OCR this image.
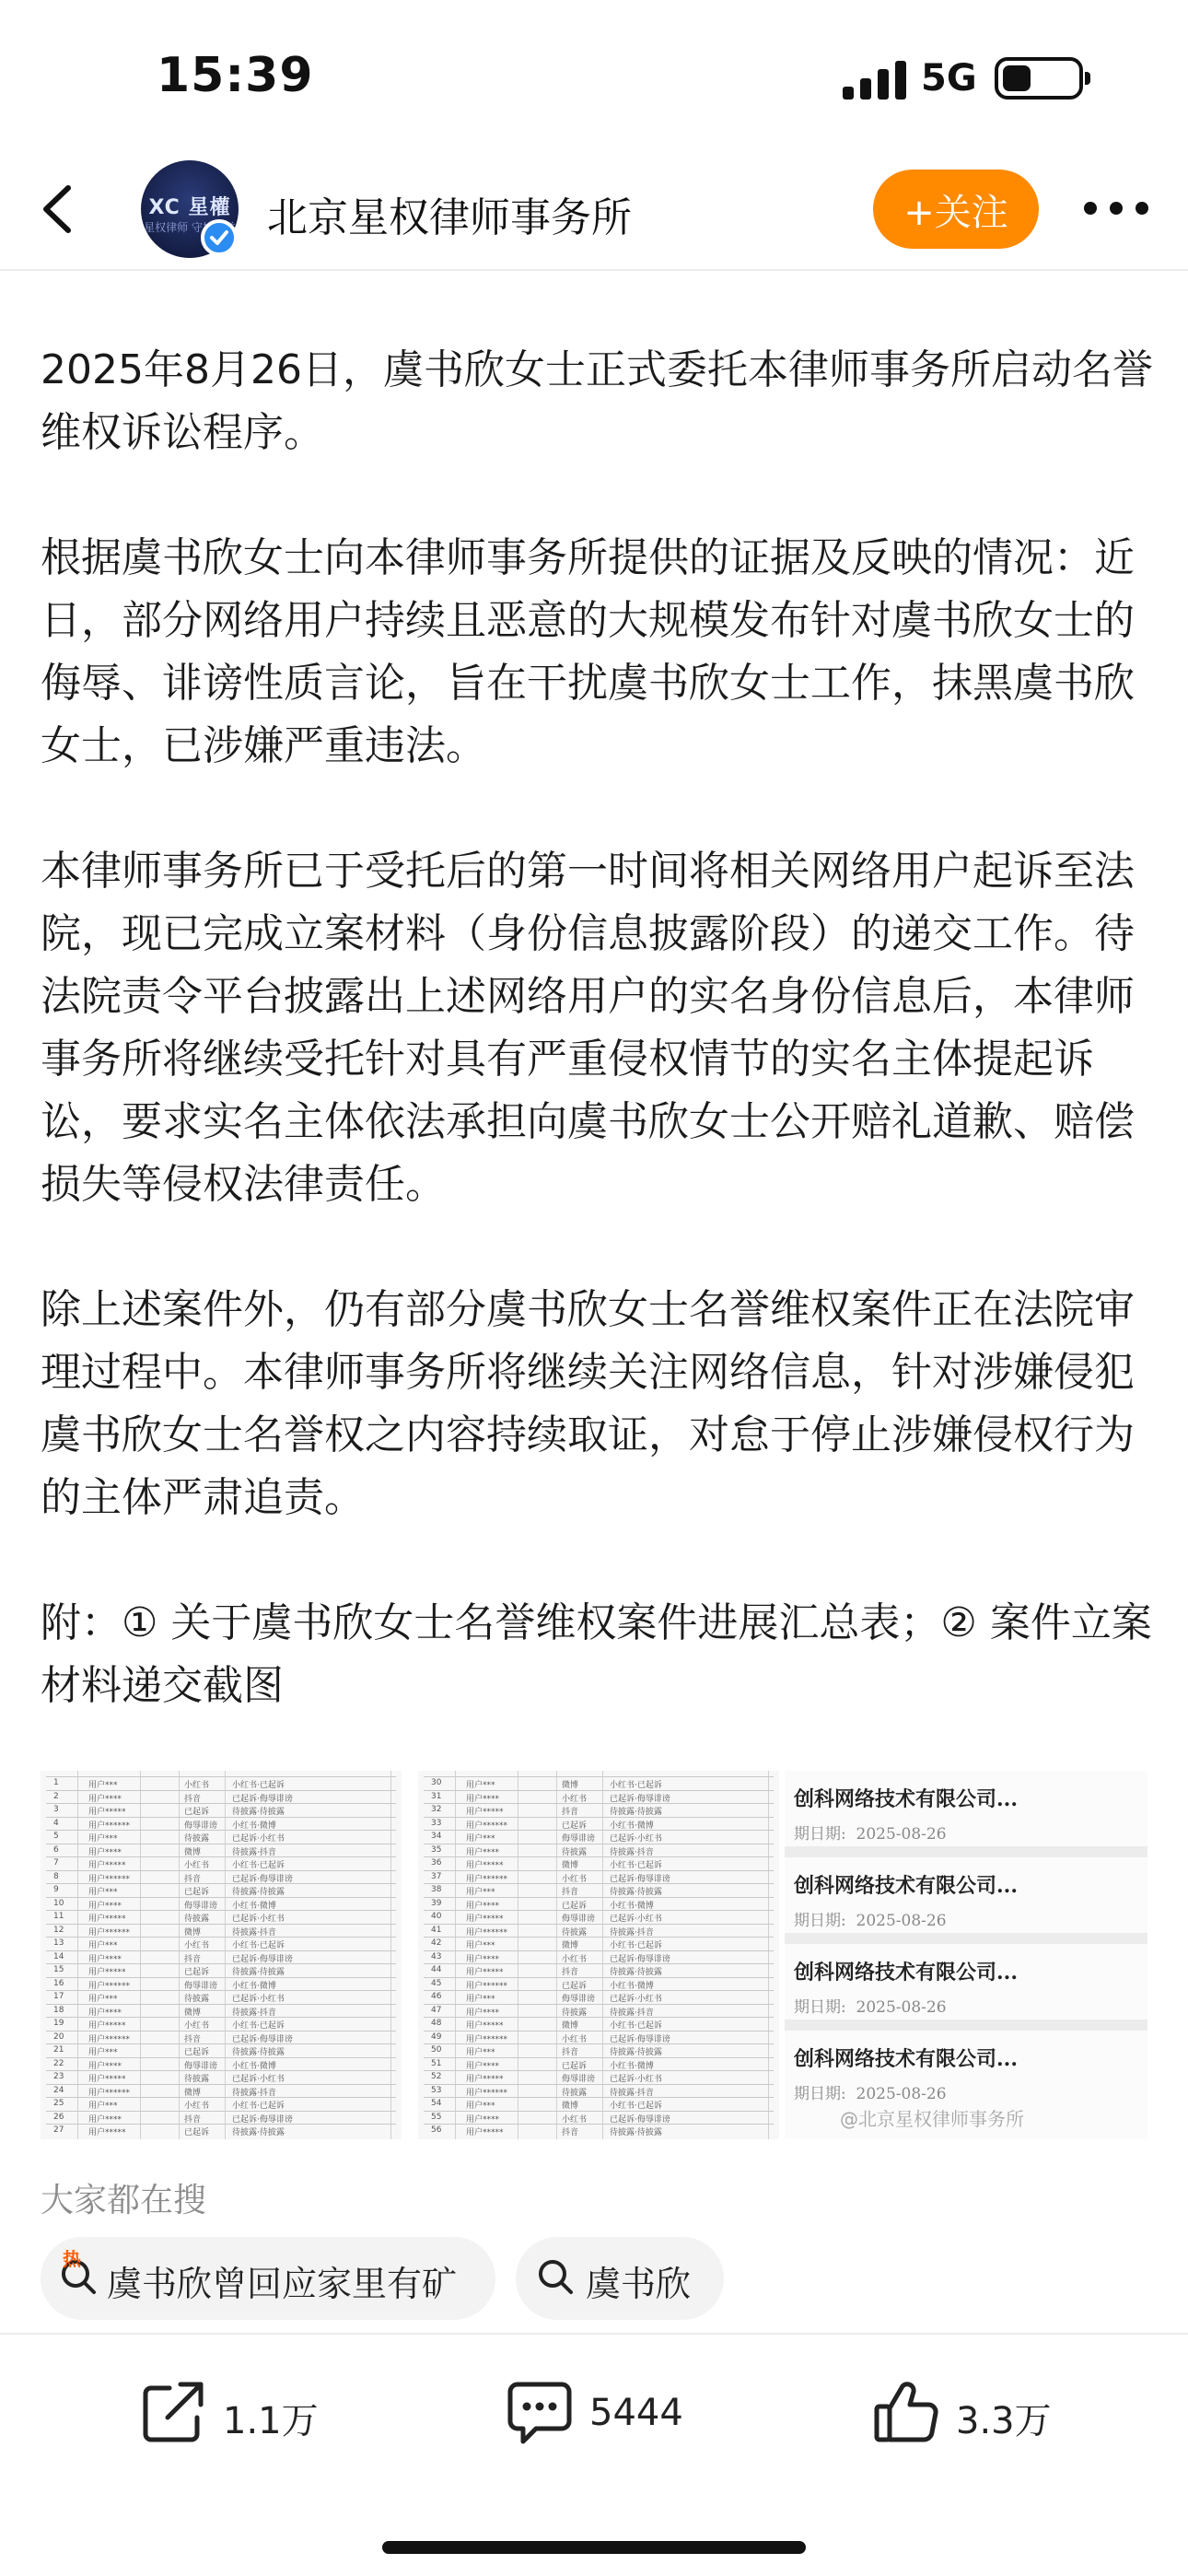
15:39	5G
XC 星權
星权律师 守护权益 北京星权律师事务所	+关注

2025年8月26日，虞书欣女士正式委托本律师事务所启动名誉维权诉讼程序。

根据虞书欣女士向本律师事务所提供的证据及反映的情况：近日，部分网络用户持续且恶意的大规模发布针对虞书欣女士的侮辱、诽谤性质言论，旨在干扰虞书欣女士工作，抹黑虞书欣女士，已涉嫌严重违法。

本律师事务所已于受托后的第一时间将相关网络用户起诉至法院，现已完成立案材料（身份信息披露阶段）的递交工作。待法院责令平台披露出上述网络用户的实名身份信息后，本律师事务所将继续受托针对具有严重侵权情节的实名主体提起诉讼，要求实名主体依法承担向虞书欣女士公开赔礼道歉、赔偿损失等侵权法律责任。

除上述案件外，仍有部分虞书欣女士名誉维权案件正在法院审理过程中。本律师事务所将继续关注网络信息，针对涉嫌侵犯虞书欣女士名誉权之内容持续取证，对怠于停止涉嫌侵权行为的主体严肃追责。

附：① 关于虞书欣女士名誉维权案件进展汇总表；② 案件立案材料递交截图

1	用户***	小红书	小红书·已起诉
2	用户****	抖音	已起诉·侮辱诽谤
3	用户*****	已起诉	待披露·待披露
4	用户******	侮辱诽谤 小红书·微博
5	用户***	待披露	已起诉·小红书
6	用户****	微博	待披露·抖音
7	用户*****	小红书	小红书·已起诉
8	用户******	抖音	已起诉·侮辱诽谤
9	用户***	已起诉	待披露·待披露
10	用户****	侮辱诽谤 小红书·微博
11	用户*****	待披露	已起诉·小红书
12	用户******	微博	待披露·抖音
13	用户***	小红书	小红书·已起诉
14	用户****	抖音	已起诉·侮辱诽谤
15	用户*****	已起诉	待披露·待披露
16	用户******	侮辱诽谤 小红书·微博
17	用户***	待披露	已起诉·小红书
18	用户****	微博	待披露·抖音
19	用户*****	小红书	小红书·已起诉
20	用户******	抖音	已起诉·侮辱诽谤
21	用户***	已起诉	待披露·待披露
22	用户****	侮辱诽谤 小红书·微博
23	用户*****	待披露	已起诉·小红书
24	用户******	微博	待披露·抖音
25	用户***	小红书	小红书·已起诉
26	用户****	抖音	已起诉·侮辱诽谤
27	用户*****	已起诉	待披露·待披露
30	用户***	微博	小红书·已起诉
31	用户****	小红书	已起诉·侮辱诽谤
32	用户*****	抖音	待披露·待披露
33	用户******	已起诉	小红书·微博
34	用户***	侮辱诽谤 已起诉·小红书
35	用户****	待披露	待披露·抖音
36	用户*****	微博	小红书·已起诉
37	用户******	小红书	已起诉·侮辱诽谤
38	用户***	抖音	待披露·待披露
39	用户****	已起诉	小红书·微博
40	用户*****	侮辱诽谤 已起诉·小红书
41	用户******	待披露	待披露·抖音
42	用户***	微博	小红书·已起诉
43	用户****	小红书	已起诉·侮辱诽谤
44	用户*****	抖音	待披露·待披露
45	用户******	已起诉	小红书·微博
46	用户***	侮辱诽谤 已起诉·小红书
47	用户****	待披露	待披露·抖音
48	用户*****	微博	小红书·已起诉
49	用户******	小红书	已起诉·侮辱诽谤
50	用户***	抖音	待披露·待披露
51	用户****	已起诉	小红书·微博
52	用户*****	侮辱诽谤 已起诉·小红书
53	用户******	待披露	待披露·抖音
54	用户***	微博	小红书·已起诉
55	用户****	小红书	已起诉·侮辱诽谤
56	用户*****	抖音	待披露·待披露
创科网络技术有限公司...
期日期: 2025-08-26
创科网络技术有限公司...
期日期: 2025-08-26
创科网络技术有限公司...
期日期: 2025-08-26
创科网络技术有限公司...
期日期: 2025-08-26
@北京星权律师事务所
大家都在搜
热
虞书欣曾回应家里有矿	虞书欣
1.1万	5444	3.3万
